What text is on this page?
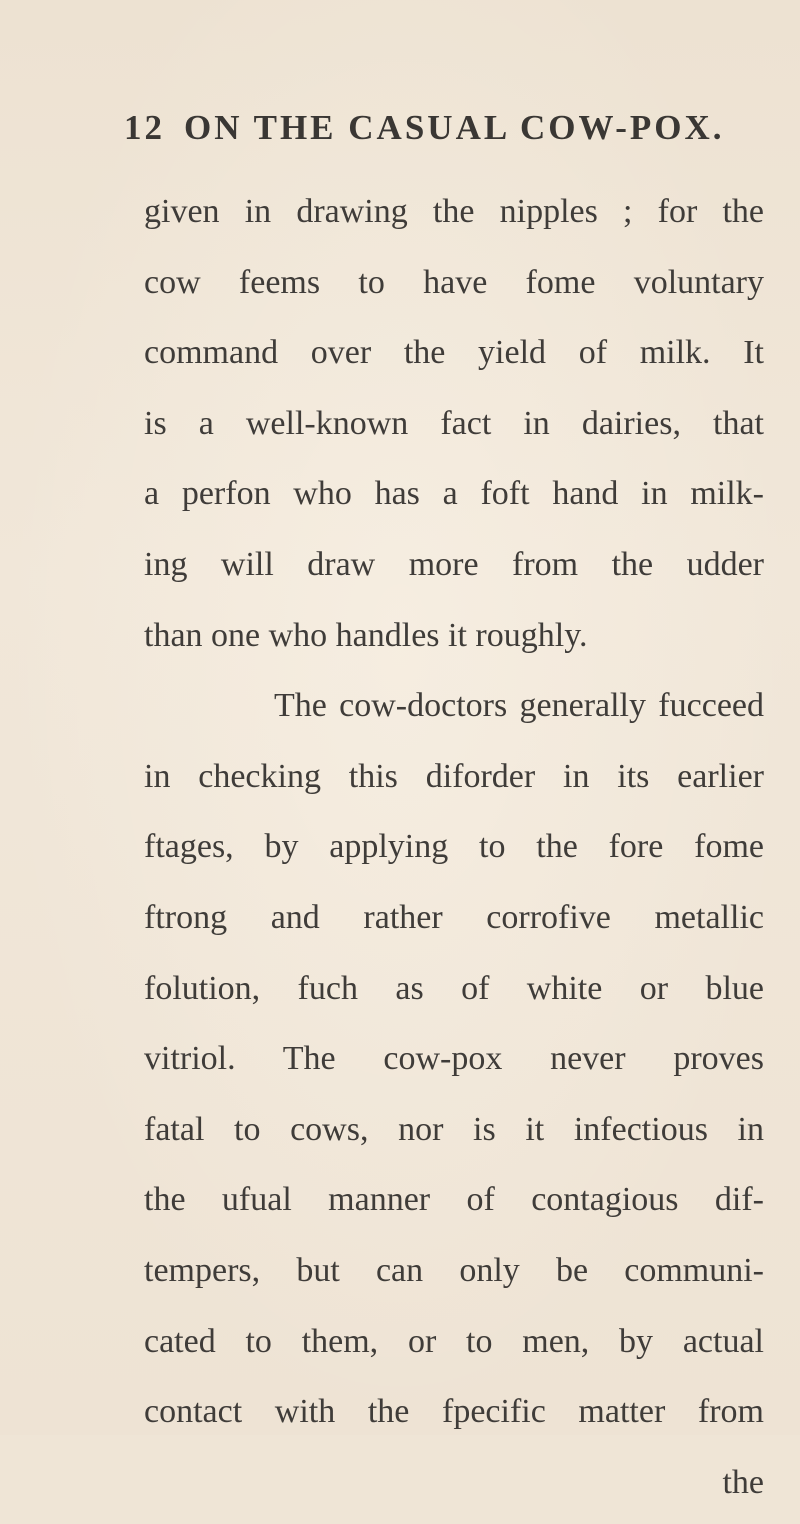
12 ON THE CASUAL COW-POX.
given in drawing the nipples ; for the
cow feems to have fome voluntary
command over the yield of milk. It
is a well-known fact in dairies, that
a perfon who has a foft hand in milk-
ing will draw more from the udder
than one who handles it roughly.
The cow-doctors generally fucceed
in checking this diforder in its earlier
ftages, by applying to the fore fome
ftrong and rather corrofive metallic
folution, fuch as of white or blue
vitriol. The cow-pox never proves
fatal to cows, nor is it infectious in
the ufual manner of contagious dif-
tempers, but can only be communi-
cated to them, or to men, by actual
contact with the fpecific matter from
the
